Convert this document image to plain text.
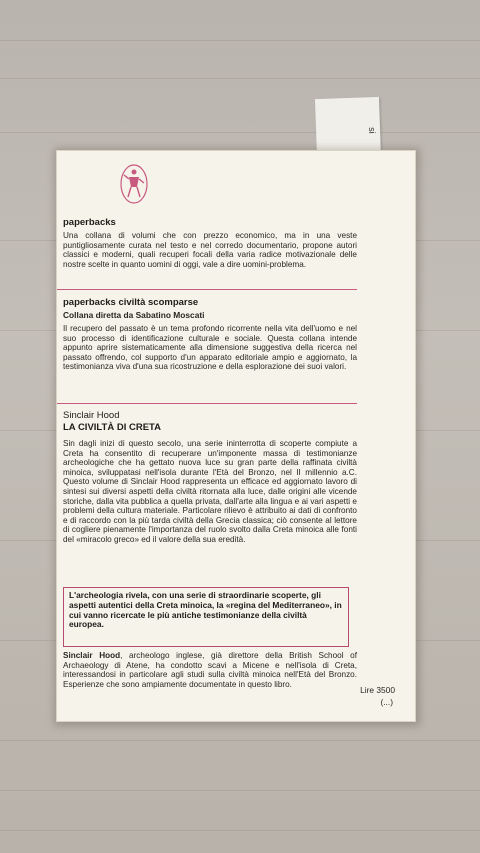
si
paperbacks
Una collana di volumi che con prezzo economico, ma in una veste puntigliosamente curata nel testo e nel corredo documentario, propone autori classici e moderni, quali recuperi focali della varia radice motivazionale delle nostre scelte in quanto uomini di oggi, vale a dire uomini-problema.
paperbacks civiltà scomparse
Collana diretta da Sabatino Moscati
Il recupero del passato è un tema profondo ricorrente nella vita dell'uomo e nel suo processo di identificazione culturale e sociale. Questa collana intende appunto aprire sistematicamente alla dimensione suggestiva della ricerca nel passato offrendo, col supporto d'un apparato editoriale ampio e aggiornato, la testimonianza viva d'una sua ricostruzione e della esplorazione dei suoi valori.
Sinclair Hood
LA CIVILTÀ DI CRETA
Sin dagli inizi di questo secolo, una serie ininterrotta di scoperte compiute a Creta ha consentito di recuperare un'imponente massa di testimonianze archeologiche che ha gettato nuova luce su gran parte della raffinata civiltà minoica, sviluppatasi nell'isola durante l'Età del Bronzo, nel II millennio a.C. Questo volume di Sinclair Hood rappresenta un efficace ed aggiornato lavoro di sintesi sui diversi aspetti della civiltà ritornata alla luce, dalle origini alle vicende storiche, dalla vita pubblica a quella privata, dall'arte alla lingua e ai vari aspetti e problemi della cultura materiale. Particolare rilievo è attribuito ai dati di confronto e di raccordo con la più tarda civiltà della Grecia classica; ciò consente al lettore di cogliere pienamente l'importanza del ruolo svolto dalla Creta minoica alle fonti del «miracolo greco» ed il valore della sua eredità.
L'archeologia rivela, con una serie di straordinarie scoperte, gli aspetti autentici della Creta minoica, la «regina del Mediterraneo», in cui vanno ricercate le più antiche testimonianze della civiltà europea.
Sinclair Hood, archeologo inglese, già direttore della British School of Archaeology di Atene, ha condotto scavi a Micene e nell'isola di Creta, interessandosi in particolare agli studi sulla civiltà minoica nell'Età del Bronzo. Esperienze che sono ampiamente documentate in questo libro.
Lire 3500
(...)
